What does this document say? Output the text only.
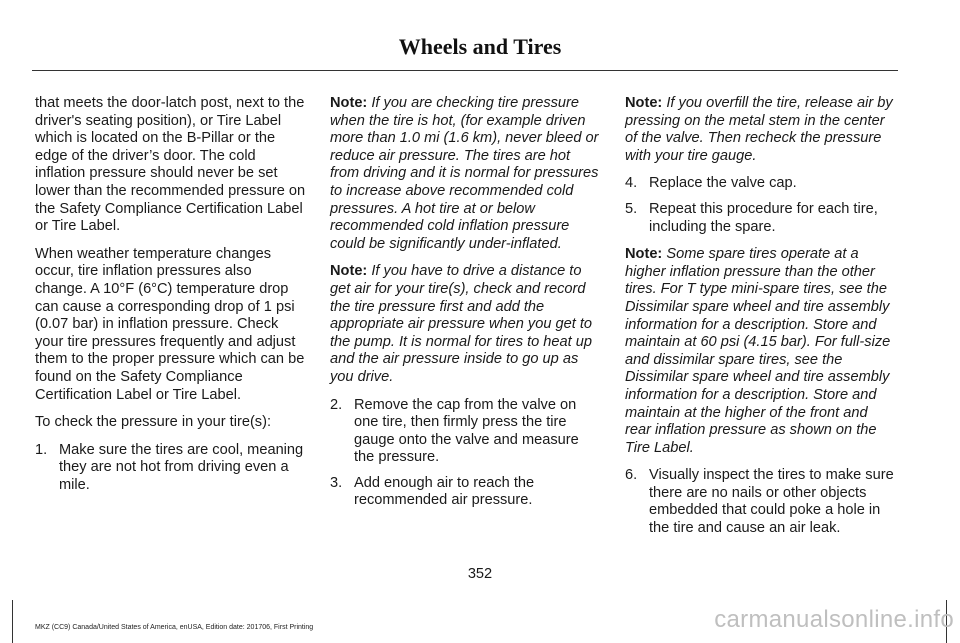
Wheels and Tires

that meets the door-latch post, next to the driver's seating position), or Tire Label which is located on the B-Pillar or the edge of the driver’s door. The cold inflation pressure should never be set lower than the recommended pressure on the Safety Compliance Certification Label or Tire Label.

When weather temperature changes occur, tire inflation pressures also change. A 10°F (6°C) temperature drop can cause a corresponding drop of 1 psi (0.07 bar) in inflation pressure. Check your tire pressures frequently and adjust them to the proper pressure which can be found on the Safety Compliance Certification Label or Tire Label.

To check the pressure in your tire(s):

1. Make sure the tires are cool, meaning they are not hot from driving even a mile.

Note: If you are checking tire pressure when the tire is hot, (for example driven more than 1.0 mi (1.6 km), never bleed or reduce air pressure. The tires are hot from driving and it is normal for pressures to increase above recommended cold pressures. A hot tire at or below recommended cold inflation pressure could be significantly under-inflated.

Note: If you have to drive a distance to get air for your tire(s), check and record the tire pressure first and add the appropriate air pressure when you get to the pump. It is normal for tires to heat up and the air pressure inside to go up as you drive.

2. Remove the cap from the valve on one tire, then firmly press the tire gauge onto the valve and measure the pressure.
3. Add enough air to reach the recommended air pressure.

Note: If you overfill the tire, release air by pressing on the metal stem in the center of the valve. Then recheck the pressure with your tire gauge.

4. Replace the valve cap.
5. Repeat this procedure for each tire, including the spare.

Note: Some spare tires operate at a higher inflation pressure than the other tires. For T type mini-spare tires, see the Dissimilar spare wheel and tire assembly information for a description. Store and maintain at 60 psi (4.15 bar). For full-size and dissimilar spare tires, see the Dissimilar spare wheel and tire assembly information for a description. Store and maintain at the higher of the front and rear inflation pressure as shown on the Tire Label.

6. Visually inspect the tires to make sure there are no nails or other objects embedded that could poke a hole in the tire and cause an air leak.
352
MKZ (CC9) Canada/United States of America, enUSA, Edition date: 201706, First Printing	carmanualsonline.info
